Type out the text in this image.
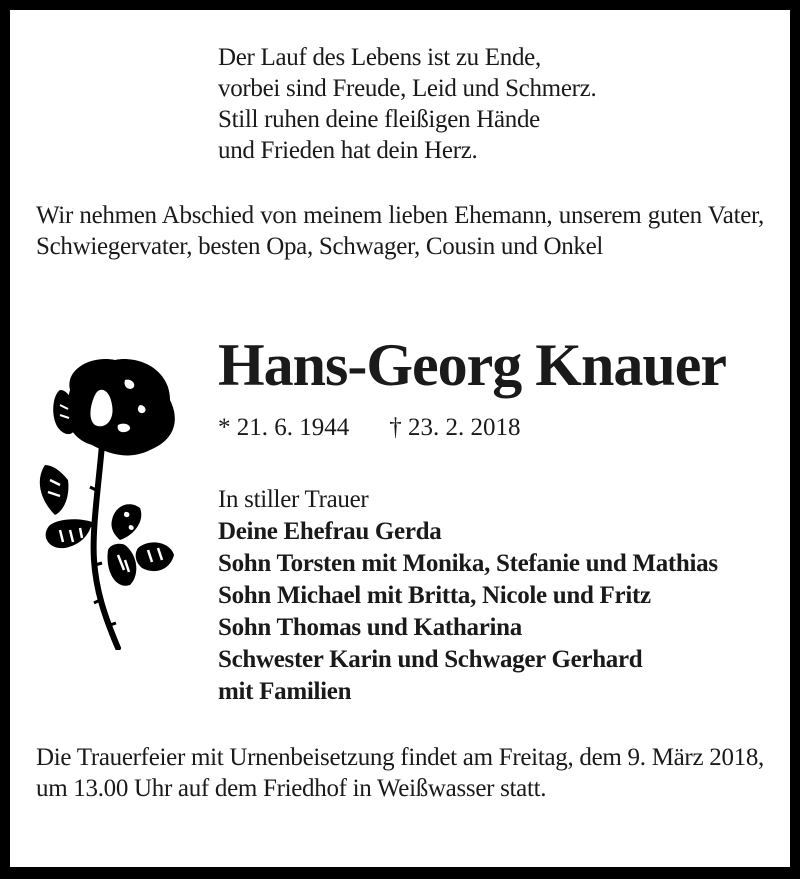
Der Lauf des Lebens ist zu Ende,
vorbei sind Freude, Leid und Schmerz.
Still ruhen deine fleißigen Hände
und Frieden hat dein Herz.
Wir nehmen Abschied von meinem lieben Ehemann, unserem guten Vater, Schwiegervater, besten Opa, Schwager, Cousin und Onkel
Hans-Georg Knauer
* 21. 6. 1944 † 23. 2. 2018
In stiller Trauer
Deine Ehefrau Gerda
Sohn Torsten mit Monika, Stefanie und Mathias
Sohn Michael mit Britta, Nicole und Fritz
Sohn Thomas und Katharina
Schwester Karin und Schwager Gerhard
mit Familien
Die Trauerfeier mit Urnenbeisetzung findet am Freitag, dem 9. März 2018, um 13.00 Uhr auf dem Friedhof in Weißwasser statt.
